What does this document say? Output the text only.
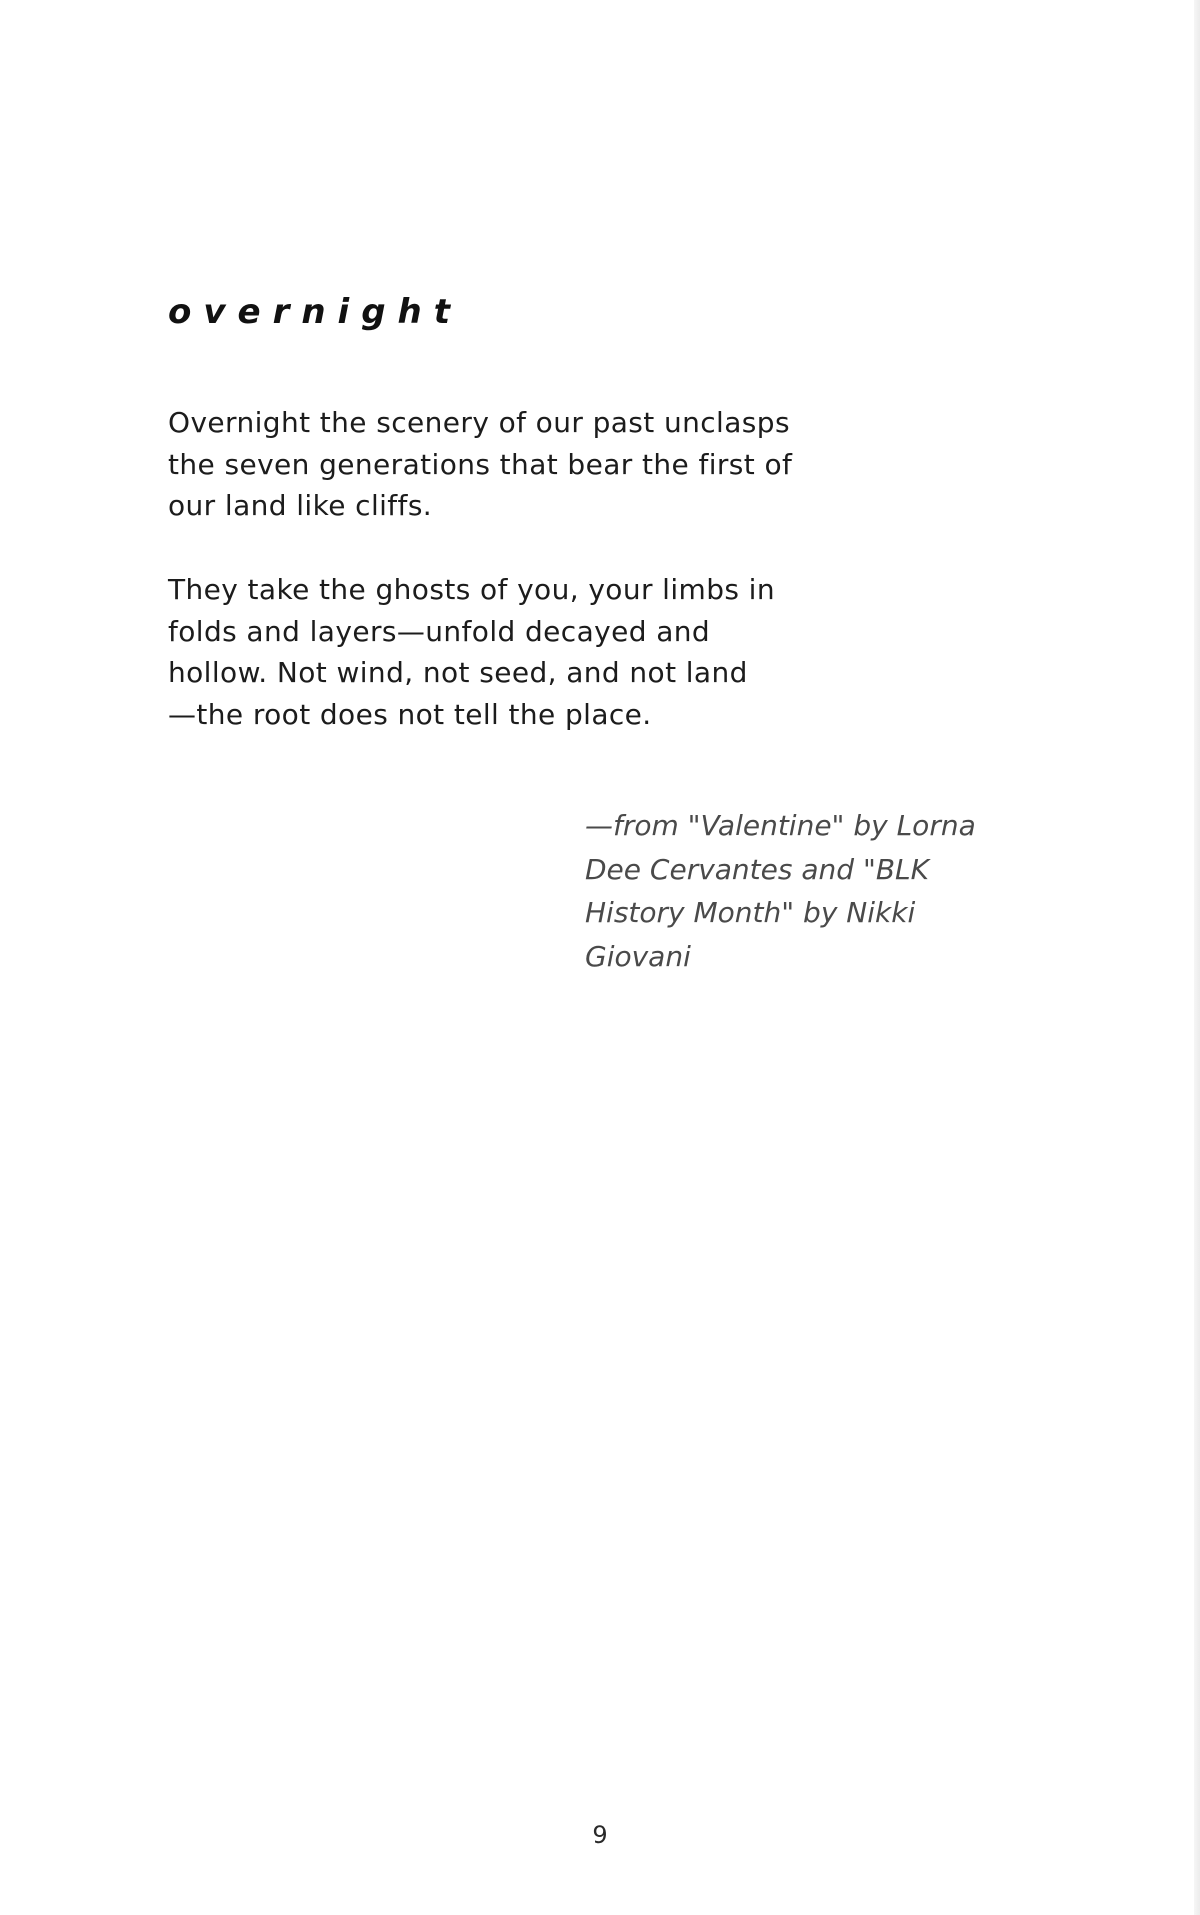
overnight

Overnight the scenery of our past unclasps
the seven generations that bear the first of
our land like cliffs.

They take the ghosts of you, your limbs in
folds and layers—unfold decayed and
hollow. Not wind, not seed, and not land
—the root does not tell the place.

—from "Valentine" by Lorna
Dee Cervantes and "BLK
History Month" by Nikki
Giovani

9
